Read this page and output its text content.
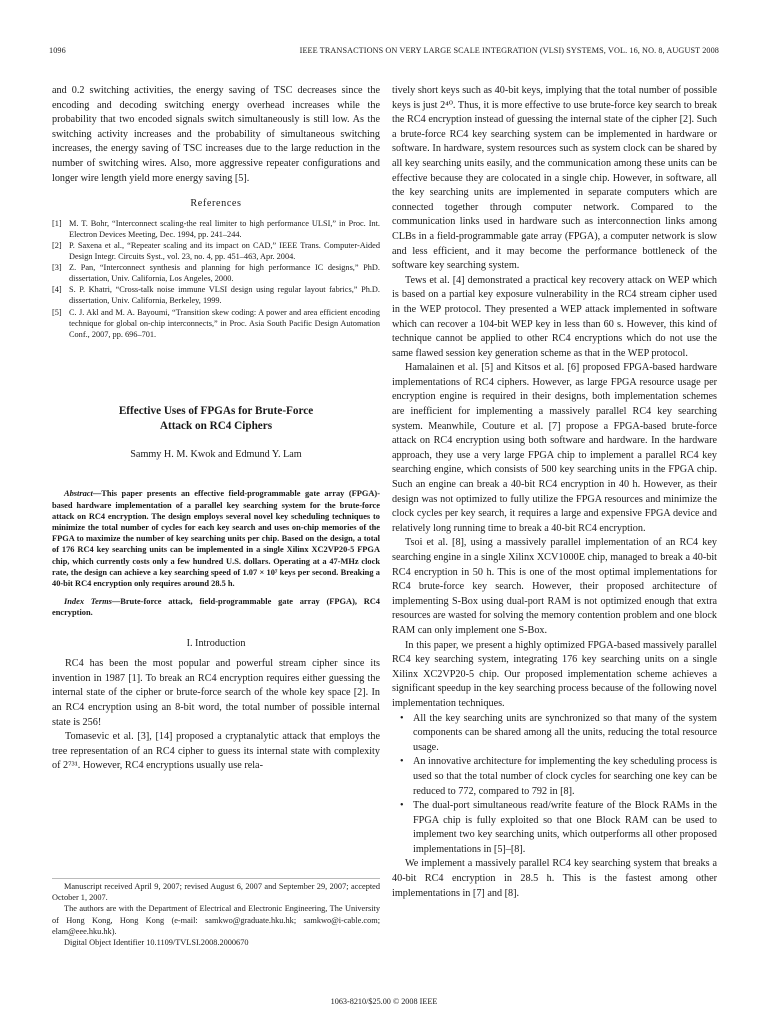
1096	IEEE TRANSACTIONS ON VERY LARGE SCALE INTEGRATION (VLSI) SYSTEMS, VOL. 16, NO. 8, AUGUST 2008

and 0.2 switching activities, the energy saving of TSC decreases since the encoding and decoding switching energy overhead increases while the probability that two encoded signals switch simultaneously is still low. As the switching activity increases and the probability of simultaneous switching increases, the energy saving of TSC increases due to the large reduction in the number of switching wires. Also, more aggressive repeater configurations and longer wire length yield more energy saving [5].

References
[1] M. T. Bohr, “Interconnect scaling-the real limiter to high performance ULSI,” in Proc. Int. Electron Devices Meeting, Dec. 1994, pp. 241–244.
[2] P. Saxena et al., “Repeater scaling and its impact on CAD,” IEEE Trans. Computer-Aided Design Integr. Circuits Syst., vol. 23, no. 4, pp. 451–463, Apr. 2004.
[3] Z. Pan, “Interconnect synthesis and planning for high performance IC designs,” PhD. dissertation, Univ. California, Los Angeles, 2000.
[4] S. P. Khatri, “Cross-talk noise immune VLSI design using regular layout fabrics,” Ph.D. dissertation, Univ. California, Berkeley, 1999.
[5] C. J. Akl and M. A. Bayoumi, “Transition skew coding: A power and area efficient encoding technique for global on-chip interconnects,” in Proc. Asia South Pacific Design Automation Conf., 2007, pp. 696–701.
Effective Uses of FPGAs for Brute-Force
Attack on RC4 Ciphers
Sammy H. M. Kwok and Edmund Y. Lam
Abstract—This paper presents an effective field-programmable gate array (FPGA)-based hardware implementation of a parallel key searching system for the brute-force attack on RC4 encryption. The design employs several novel key scheduling techniques to minimize the total number of cycles for each key search and uses on-chip memories of the FPGA to maximize the number of key searching units per chip. Based on the design, a total of 176 RC4 key searching units can be implemented in a single Xilinx XC2VP20-5 FPGA chip, which currently costs only a few hundred U.S. dollars. Operating at a 47-MHz clock rate, the design can achieve a key searching speed of 1.07 × 10⁷ keys per second. Breaking a 40-bit RC4 encryption only requires around 28.5 h.
Index Terms—Brute-force attack, field-programmable gate array (FPGA), RC4 encryption.
I. Introduction

RC4 has been the most popular and powerful stream cipher since its invention in 1987 [1]. To break an RC4 encryption requires either guessing the internal state of the cipher or brute-force search of the whole key space [2]. In an RC4 encryption using an 8-bit word, the total number of possible internal state is 256!

Tomasevic et al. [3], [14] proposed a cryptanalytic attack that employs the tree representation of an RC4 cipher to guess its internal state with complexity of 2⁷³¹. However, RC4 encryptions usually use rela-

Manuscript received April 9, 2007; revised August 6, 2007 and September 29, 2007; accepted October 1, 2007.

The authors are with the Department of Electrical and Electronic Engineering, The University of Hong Kong, Hong Kong (e-mail: samkwo@graduate.hku.hk; samkwo@i-cable.com; elam@eee.hku.hk).

Digital Object Identifier 10.1109/TVLSI.2008.2000670

tively short keys such as 40-bit keys, implying that the total number of possible keys is just 2⁴⁰. Thus, it is more effective to use brute-force key search to break the RC4 encryption instead of guessing the internal state of the cipher [2]. Such a brute-force RC4 key searching system can be implemented in hardware or software. In hardware, system resources such as system clock can be shared by all key searching units easily, and the communication among these units can be effective because they are colocated in a single chip. However, in software, all the key searching units are implemented in separate computers which are connected together through computer network. Compared to the communication links used in hardware such as interconnection links among CLBs in a field-programmable gate array (FPGA), a computer network is slow and less efficient, and it may become the performance bottleneck of the software key searching system.

Tews et al. [4] demonstrated a practical key recovery attack on WEP which is based on a partial key exposure vulnerability in the RC4 stream cipher used in the WEP protocol. They presented a WEP attack implemented in software which can recover a 104-bit WEP key in less than 60 s. However, this kind of technique cannot be applied to other RC4 encryptions which do not use the same flawed session key generation scheme as that in the WEP protocol.

Hamalainen et al. [5] and Kitsos et al. [6] proposed FPGA-based hardware implementations of RC4 ciphers. However, as large FPGA resource usage per encryption engine is required in their designs, both implementation schemes are inefficient for implementing a massively parallel RC4 key searching system. Meanwhile, Couture et al. [7] propose a FPGA-based brute-force attack on RC4 encryption using both software and hardware. In the hardware approach, they use a very large FPGA chip to implement a parallel RC4 key searching engine, which consists of 500 key searching units in the FPGA chip. Such an engine can break a 40-bit RC4 encryption in 40 h. However, as their design was not optimized to fully utilize the FPGA resources and minimize the clock cycles per key search, it requires a large and expensive FPGA device and relatively long running time to break a 40-bit RC4 encryption.

Tsoi et al. [8], using a massively parallel implementation of an RC4 key searching engine in a single Xilinx XCV1000E chip, managed to break a 40-bit RC4 encryption in 50 h. This is one of the most optimal implementations for RC4 brute-force key search. However, their proposed architecture of implementing S-Box using dual-port RAM is not optimized enough that extra resources are wasted for solving the memory contention problem and one block RAM can only implement one S-Box.

In this paper, we present a highly optimized FPGA-based massively parallel RC4 key searching system, integrating 176 key searching units on a single Xilinx XC2VP20-5 chip. Our proposed implementation scheme achieves a significant speedup in the key searching process because of the following novel implementation techniques.

• All the key searching units are synchronized so that many of the system components can be shared among all the units, reducing the total resource usage.
• An innovative architecture for implementing the key scheduling process is used so that the total number of clock cycles for searching one key can be reduced to 772, compared to 792 in [8].
• The dual-port simultaneous read/write feature of the Block RAMs in the FPGA chip is fully exploited so that one Block RAM can be used to implement two key searching units, which outperforms all other proposed implementations in [5]–[8].

We implement a massively parallel RC4 key searching system that breaks a 40-bit RC4 encryption in 28.5 h. This is the fastest among other implementations in [7] and [8].

1063-8210/$25.00 © 2008 IEEE
